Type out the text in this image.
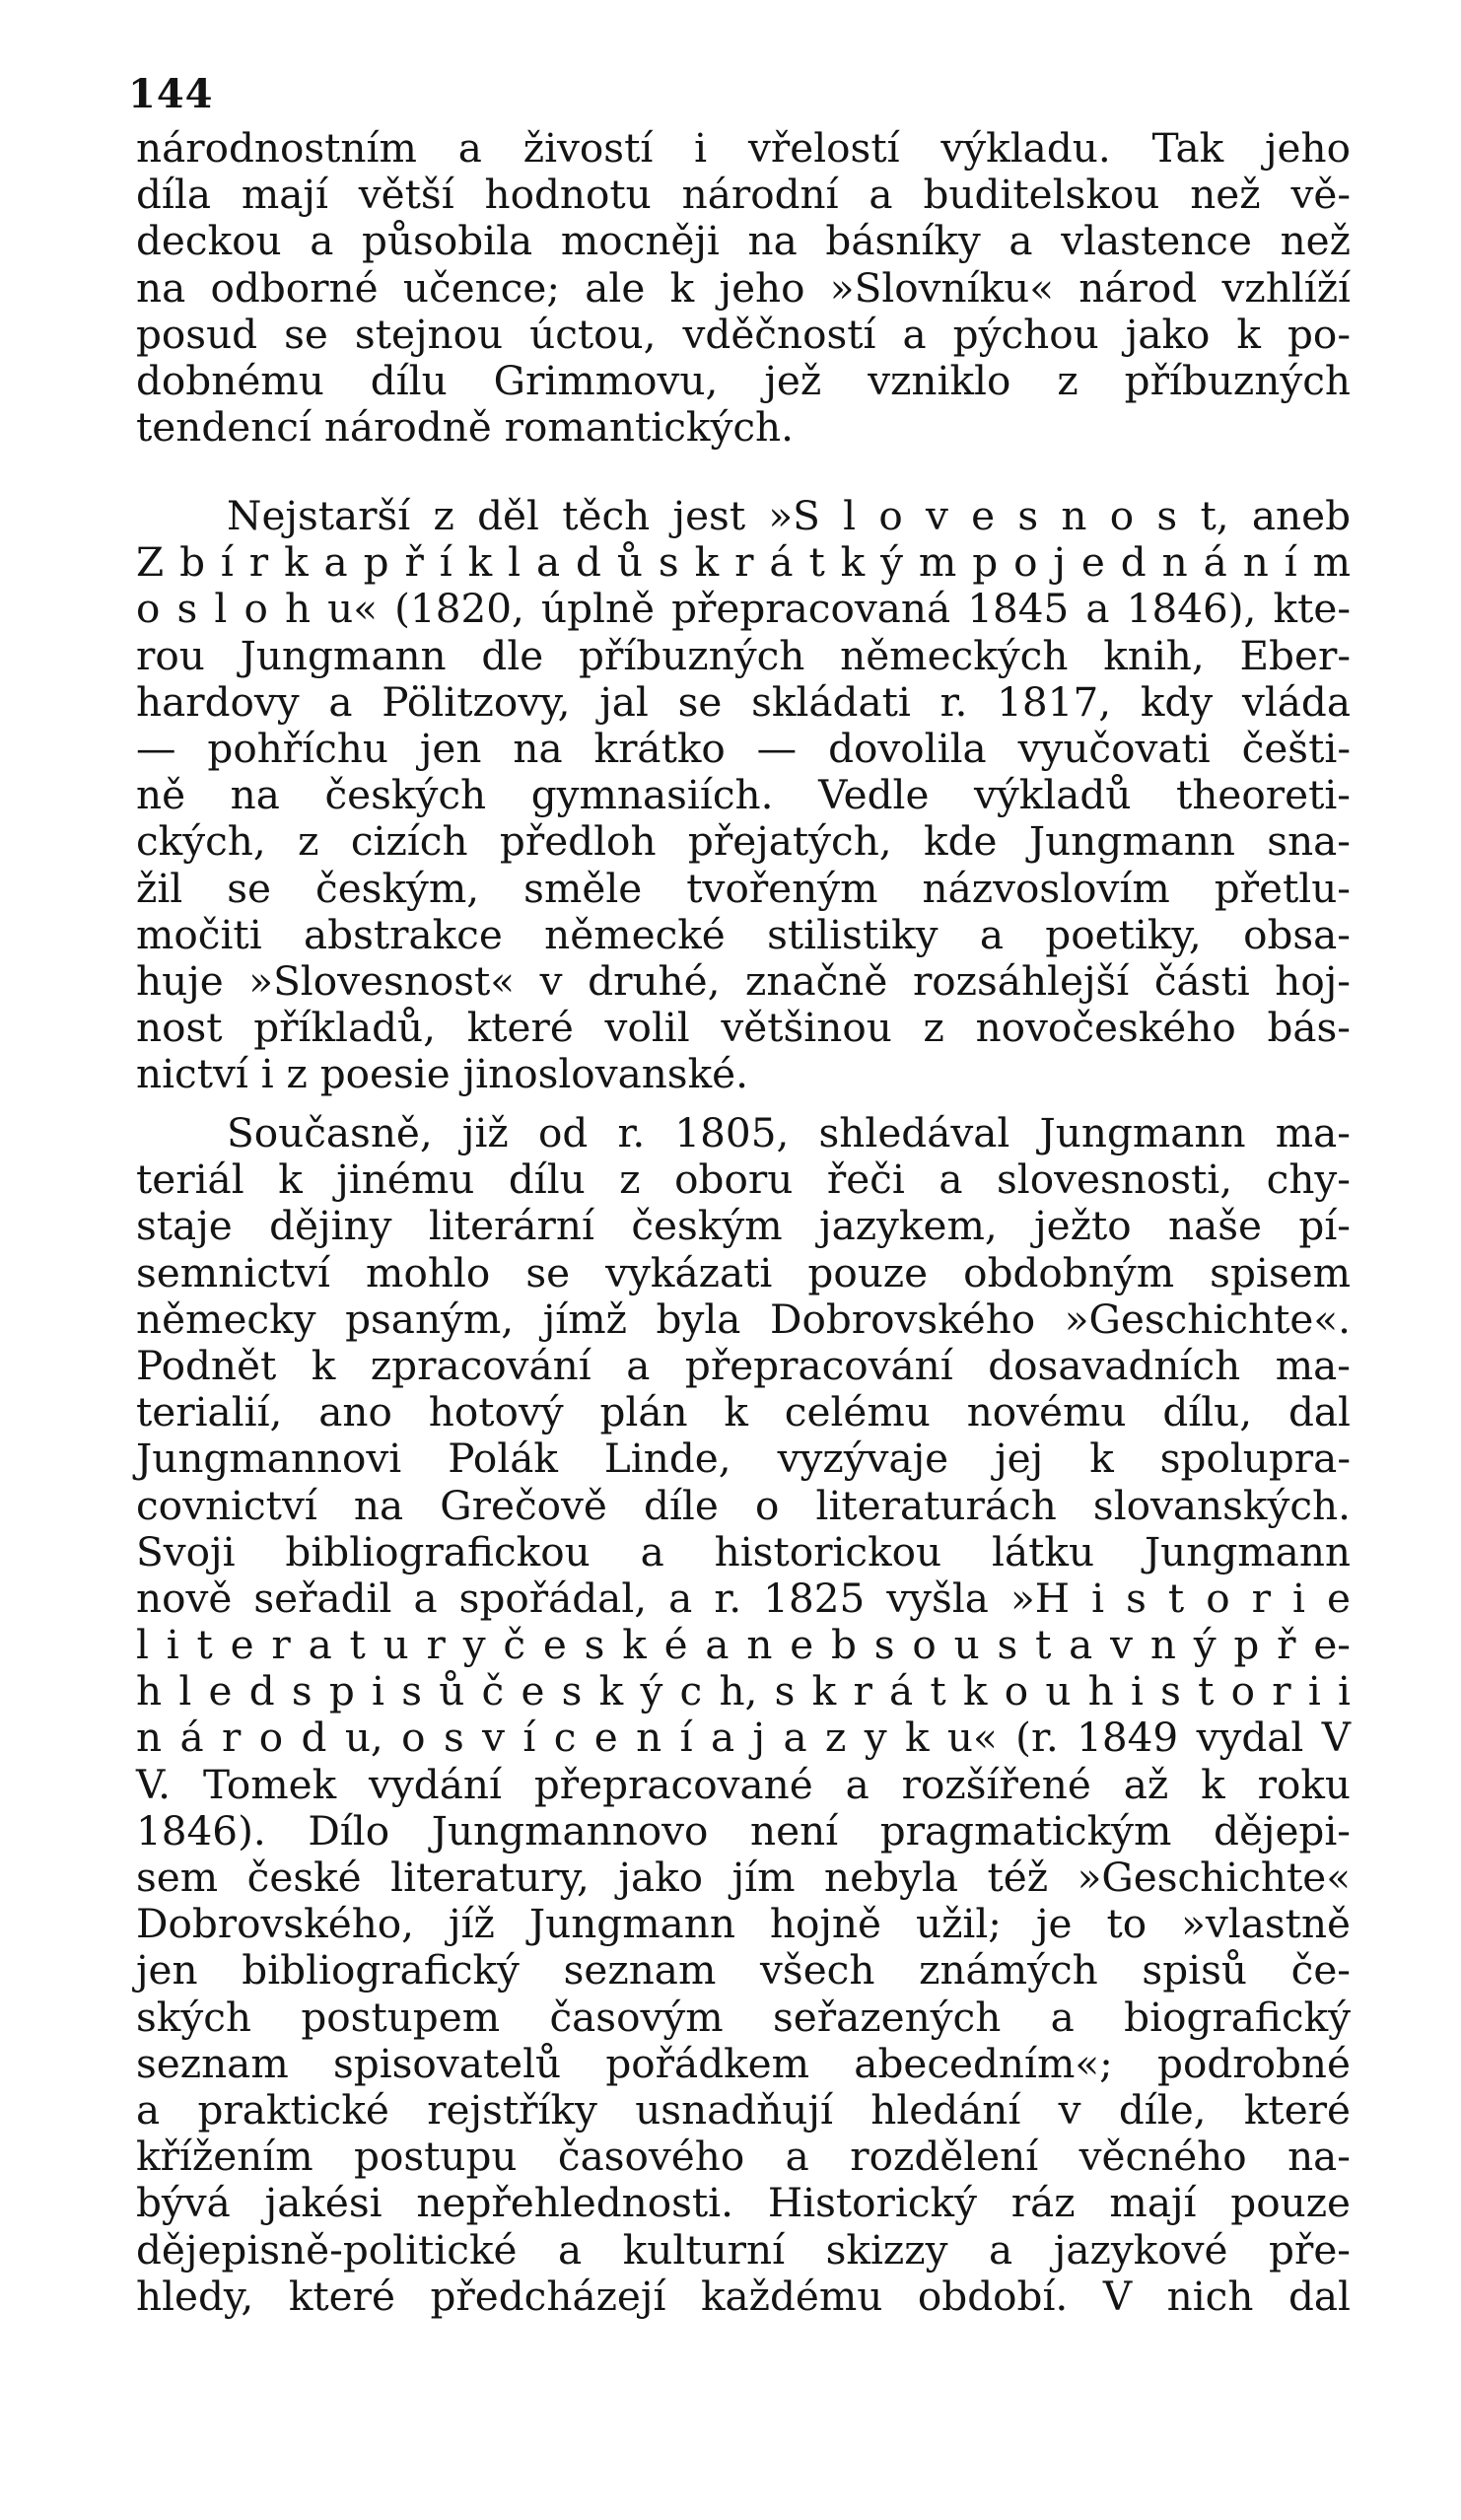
144
národnostním a živostí i vřelostí výkladu. Tak jeho
díla mají větší hodnotu národní a buditelskou než vě-
deckou a působila mocněji na básníky a vlastence než
na odborné učence; ale k jeho »Slovníku« národ vzhlíží
posud se stejnou úctou, vděčností a pýchou jako k po-
dobnému dílu Grimmovu, jež vzniklo z příbuzných
tendencí národně romantických.
Nejstarší z děl těch jest »S l o v e s n o s t, aneb
Z b í r k a p ř í k l a d ů s k r á t k ý m p o j e d n á n í m
o s l o h u« (1820, úplně přepracovaná 1845 a 1846), kte-
rou Jungmann dle příbuzných německých knih, Eber-
hardovy a Pölitzovy, jal se skládati r. 1817, kdy vláda
— pohříchu jen na krátko — dovolila vyučovati češti-
ně na českých gymnasiích. Vedle výkladů theoreti-
ckých, z cizích předloh přejatých, kde Jungmann sna-
žil se českým, směle tvořeným názvoslovím přetlu-
močiti abstrakce německé stilistiky a poetiky, obsa-
huje »Slovesnost« v druhé, značně rozsáhlejší části hoj-
nost příkladů, které volil většinou z novočeského bás-
nictví i z poesie jinoslovanské.
Současně, již od r. 1805, shledával Jungmann ma-
teriál k jinému dílu z oboru řeči a slovesnosti, chy-
staje dějiny literární českým jazykem, ježto naše pí-
semnictví mohlo se vykázati pouze obdobným spisem
německy psaným, jímž byla Dobrovského »Geschichte«.
Podnět k zpracování a přepracování dosavadních ma-
terialií, ano hotový plán k celému novému dílu, dal
Jungmannovi Polák Linde, vyzývaje jej k spolupra-
covnictví na Grečově díle o literaturách slovanských.
Svoji bibliografickou a historickou látku Jungmann
nově seřadil a spořádal, a r. 1825 vyšla »H i s t o r i e
l i t e r a t u r y č e s k é a n e b s o u s t a v n ý p ř e-
h l e d s p i s ů č e s k ý c h, s k r á t k o u h i s t o r i i
n á r o d u, o s v í c e n í a j a z y k u« (r. 1849 vydal V
V. Tomek vydání přepracované a rozšířené až k roku
1846). Dílo Jungmannovo není pragmatickým dějepi-
sem české literatury, jako jím nebyla též »Geschichte«
Dobrovského, jíž Jungmann hojně užil; je to »vlastně
jen bibliografický seznam všech známých spisů če-
ských postupem časovým seřazených a biografický
seznam spisovatelů pořádkem abecedním«; podrobné
a praktické rejstříky usnadňují hledání v díle, které
křížením postupu časového a rozdělení věcného na-
bývá jakési nepřehlednosti. Historický ráz mají pouze
dějepisně-politické a kulturní skizzy a jazykové pře-
hledy, které předcházejí každému období. V nich dal
